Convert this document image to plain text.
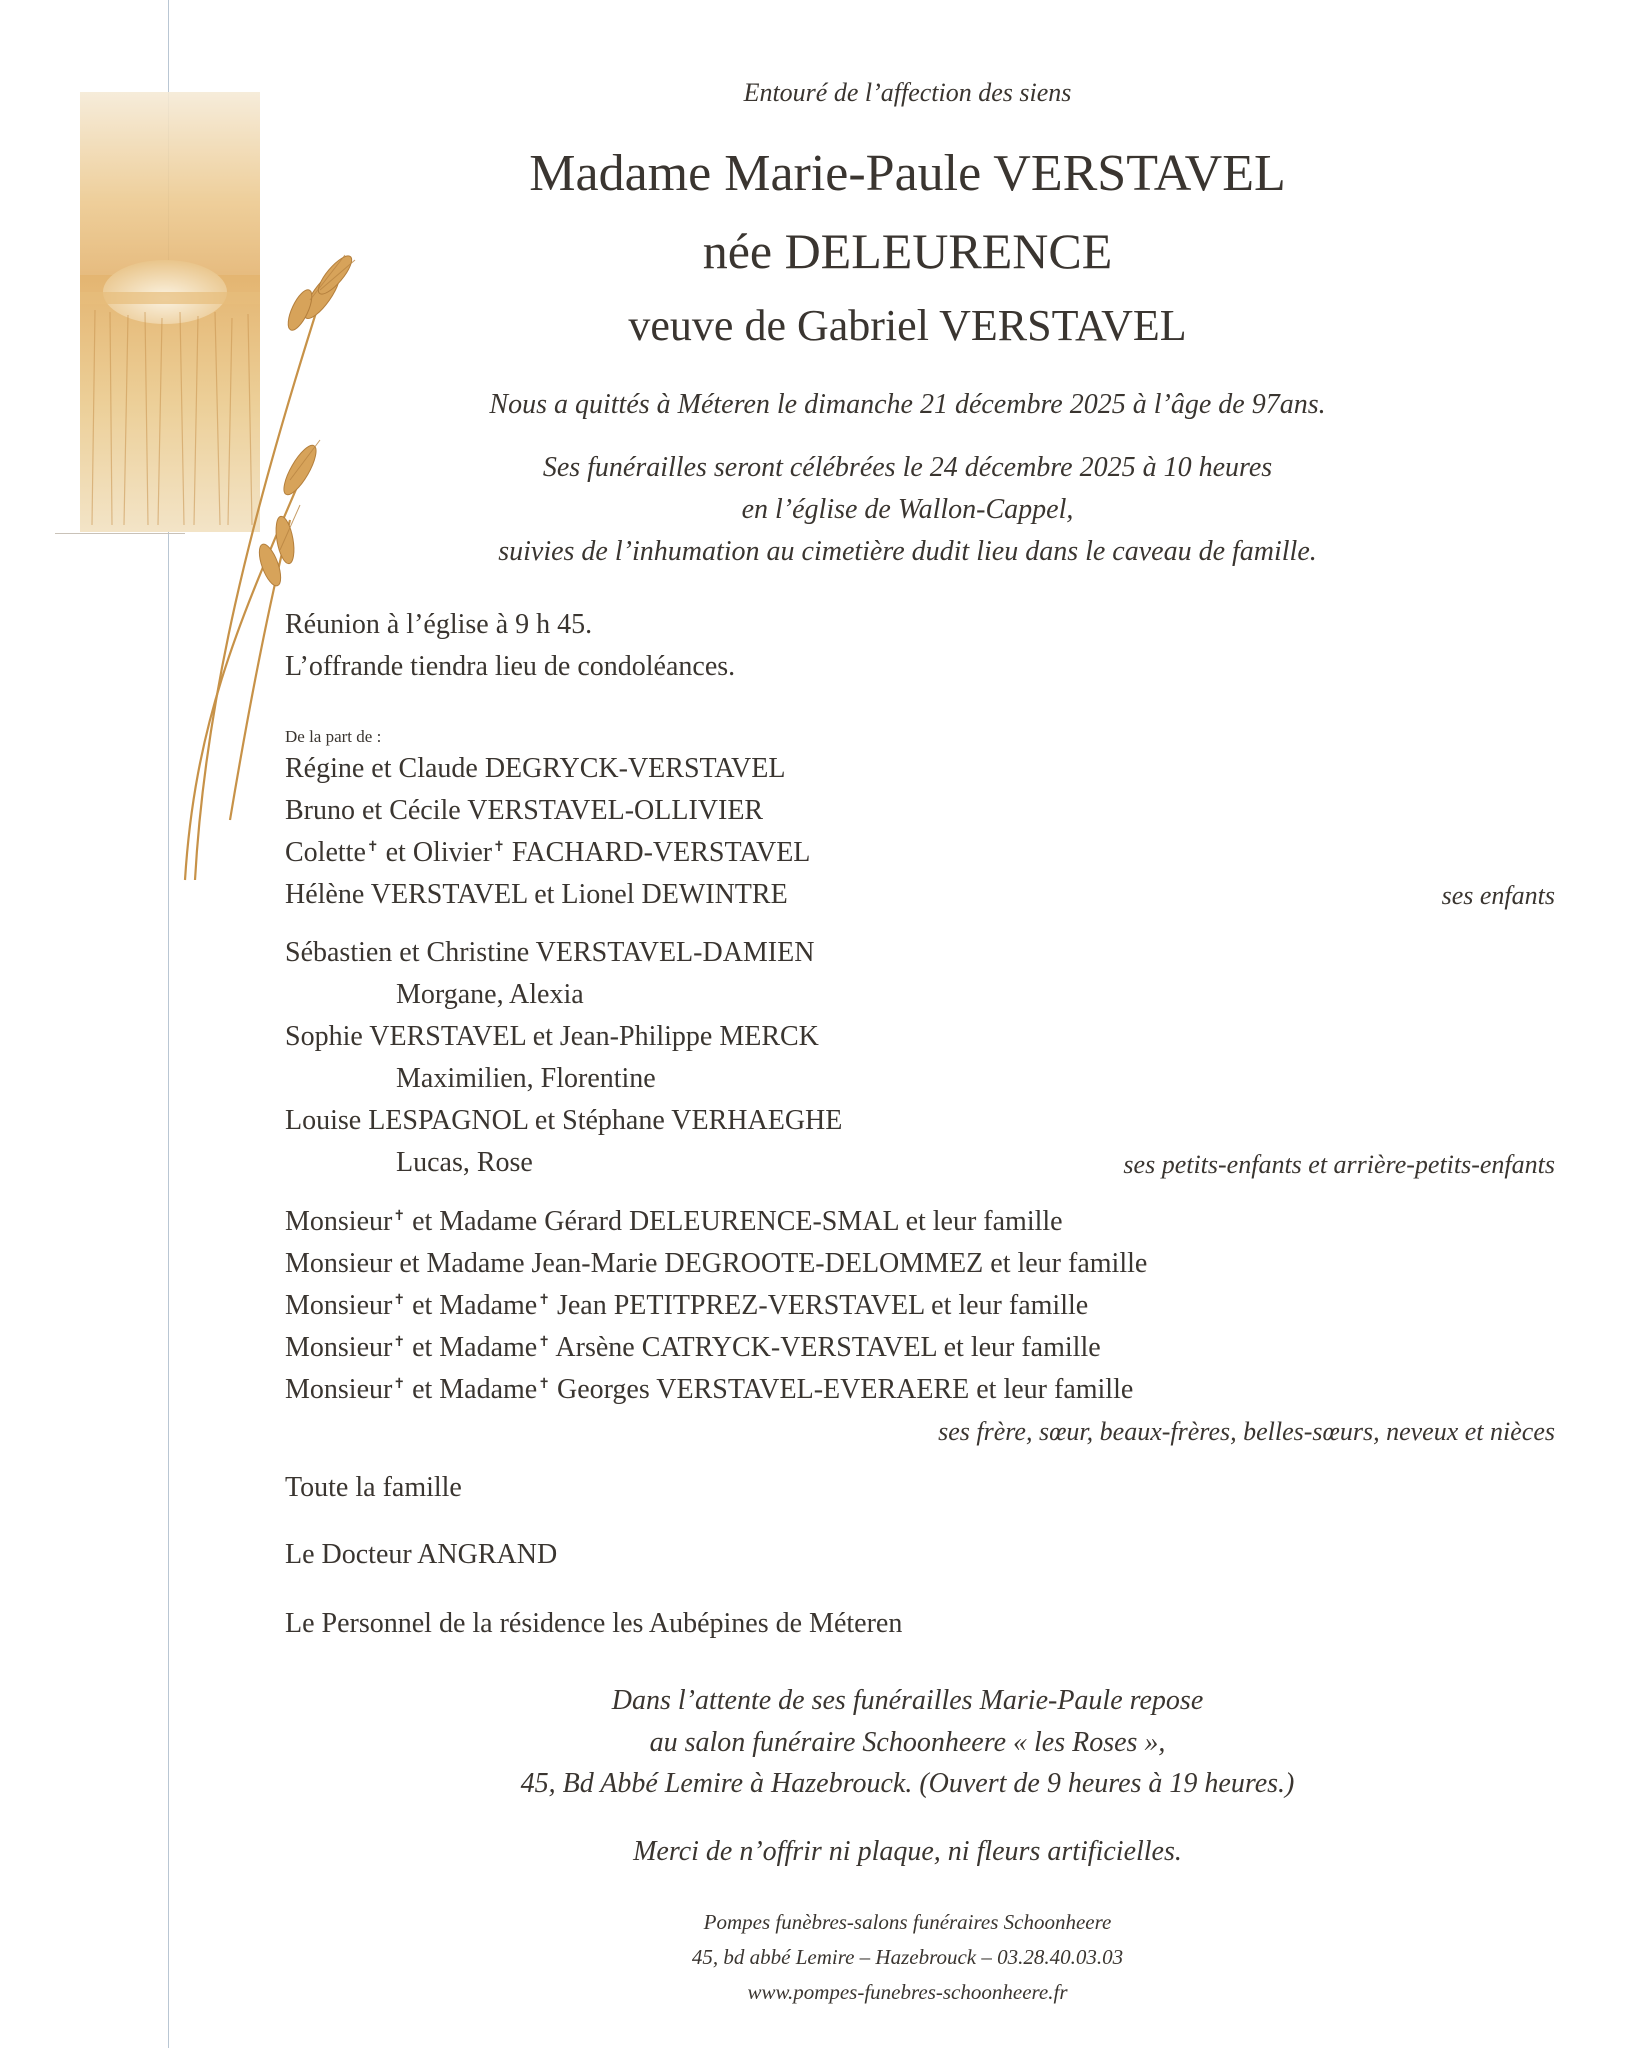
Entouré de l’affection des siens
Madame Marie-Paule VERSTAVEL
née DELEURENCE
veuve de Gabriel VERSTAVEL
Nous a quittés à Méteren le dimanche 21 décembre 2025 à l’âge de 97ans.
Ses funérailles seront célébrées le 24 décembre 2025 à 10 heures
en l’église de Wallon-Cappel,
suivies de l’inhumation au cimetière dudit lieu dans le caveau de famille.
Réunion à l’église à 9 h 45.
L’offrande tiendra lieu de condoléances.
De la part de :
Régine et Claude DEGRYCK-VERSTAVEL
Bruno et Cécile VERSTAVEL-OLLIVIER
Colette✝ et Olivier✝ FACHARD-VERSTAVEL
Hélène VERSTAVEL et Lionel DEWINTRE	ses enfants
Sébastien et Christine VERSTAVEL-DAMIEN
Morgane, Alexia
Sophie VERSTAVEL et Jean-Philippe MERCK
Maximilien, Florentine
Louise LESPAGNOL et Stéphane VERHAEGHE
Lucas, Rose	ses petits-enfants et arrière-petits-enfants
Monsieur✝ et Madame Gérard DELEURENCE-SMAL et leur famille
Monsieur et Madame Jean-Marie DEGROOTE-DELOMMEZ et leur famille
Monsieur✝ et Madame✝ Jean PETITPREZ-VERSTAVEL et leur famille
Monsieur✝ et Madame✝ Arsène CATRYCK-VERSTAVEL et leur famille
Monsieur✝ et Madame✝ Georges VERSTAVEL-EVERAERE et leur famille
ses frère, sœur, beaux-frères, belles-sœurs, neveux et nièces
Toute la famille
Le Docteur ANGRAND
Le Personnel de la résidence les Aubépines de Méteren
Dans l’attente de ses funérailles Marie-Paule repose
au salon funéraire Schoonheere « les Roses »,
45, Bd Abbé Lemire à Hazebrouck. (Ouvert de 9 heures à 19 heures.)
Merci de n’offrir ni plaque, ni fleurs artificielles.
Pompes funèbres-salons funéraires Schoonheere
45, bd abbé Lemire – Hazebrouck – 03.28.40.03.03
www.pompes-funebres-schoonheere.fr
